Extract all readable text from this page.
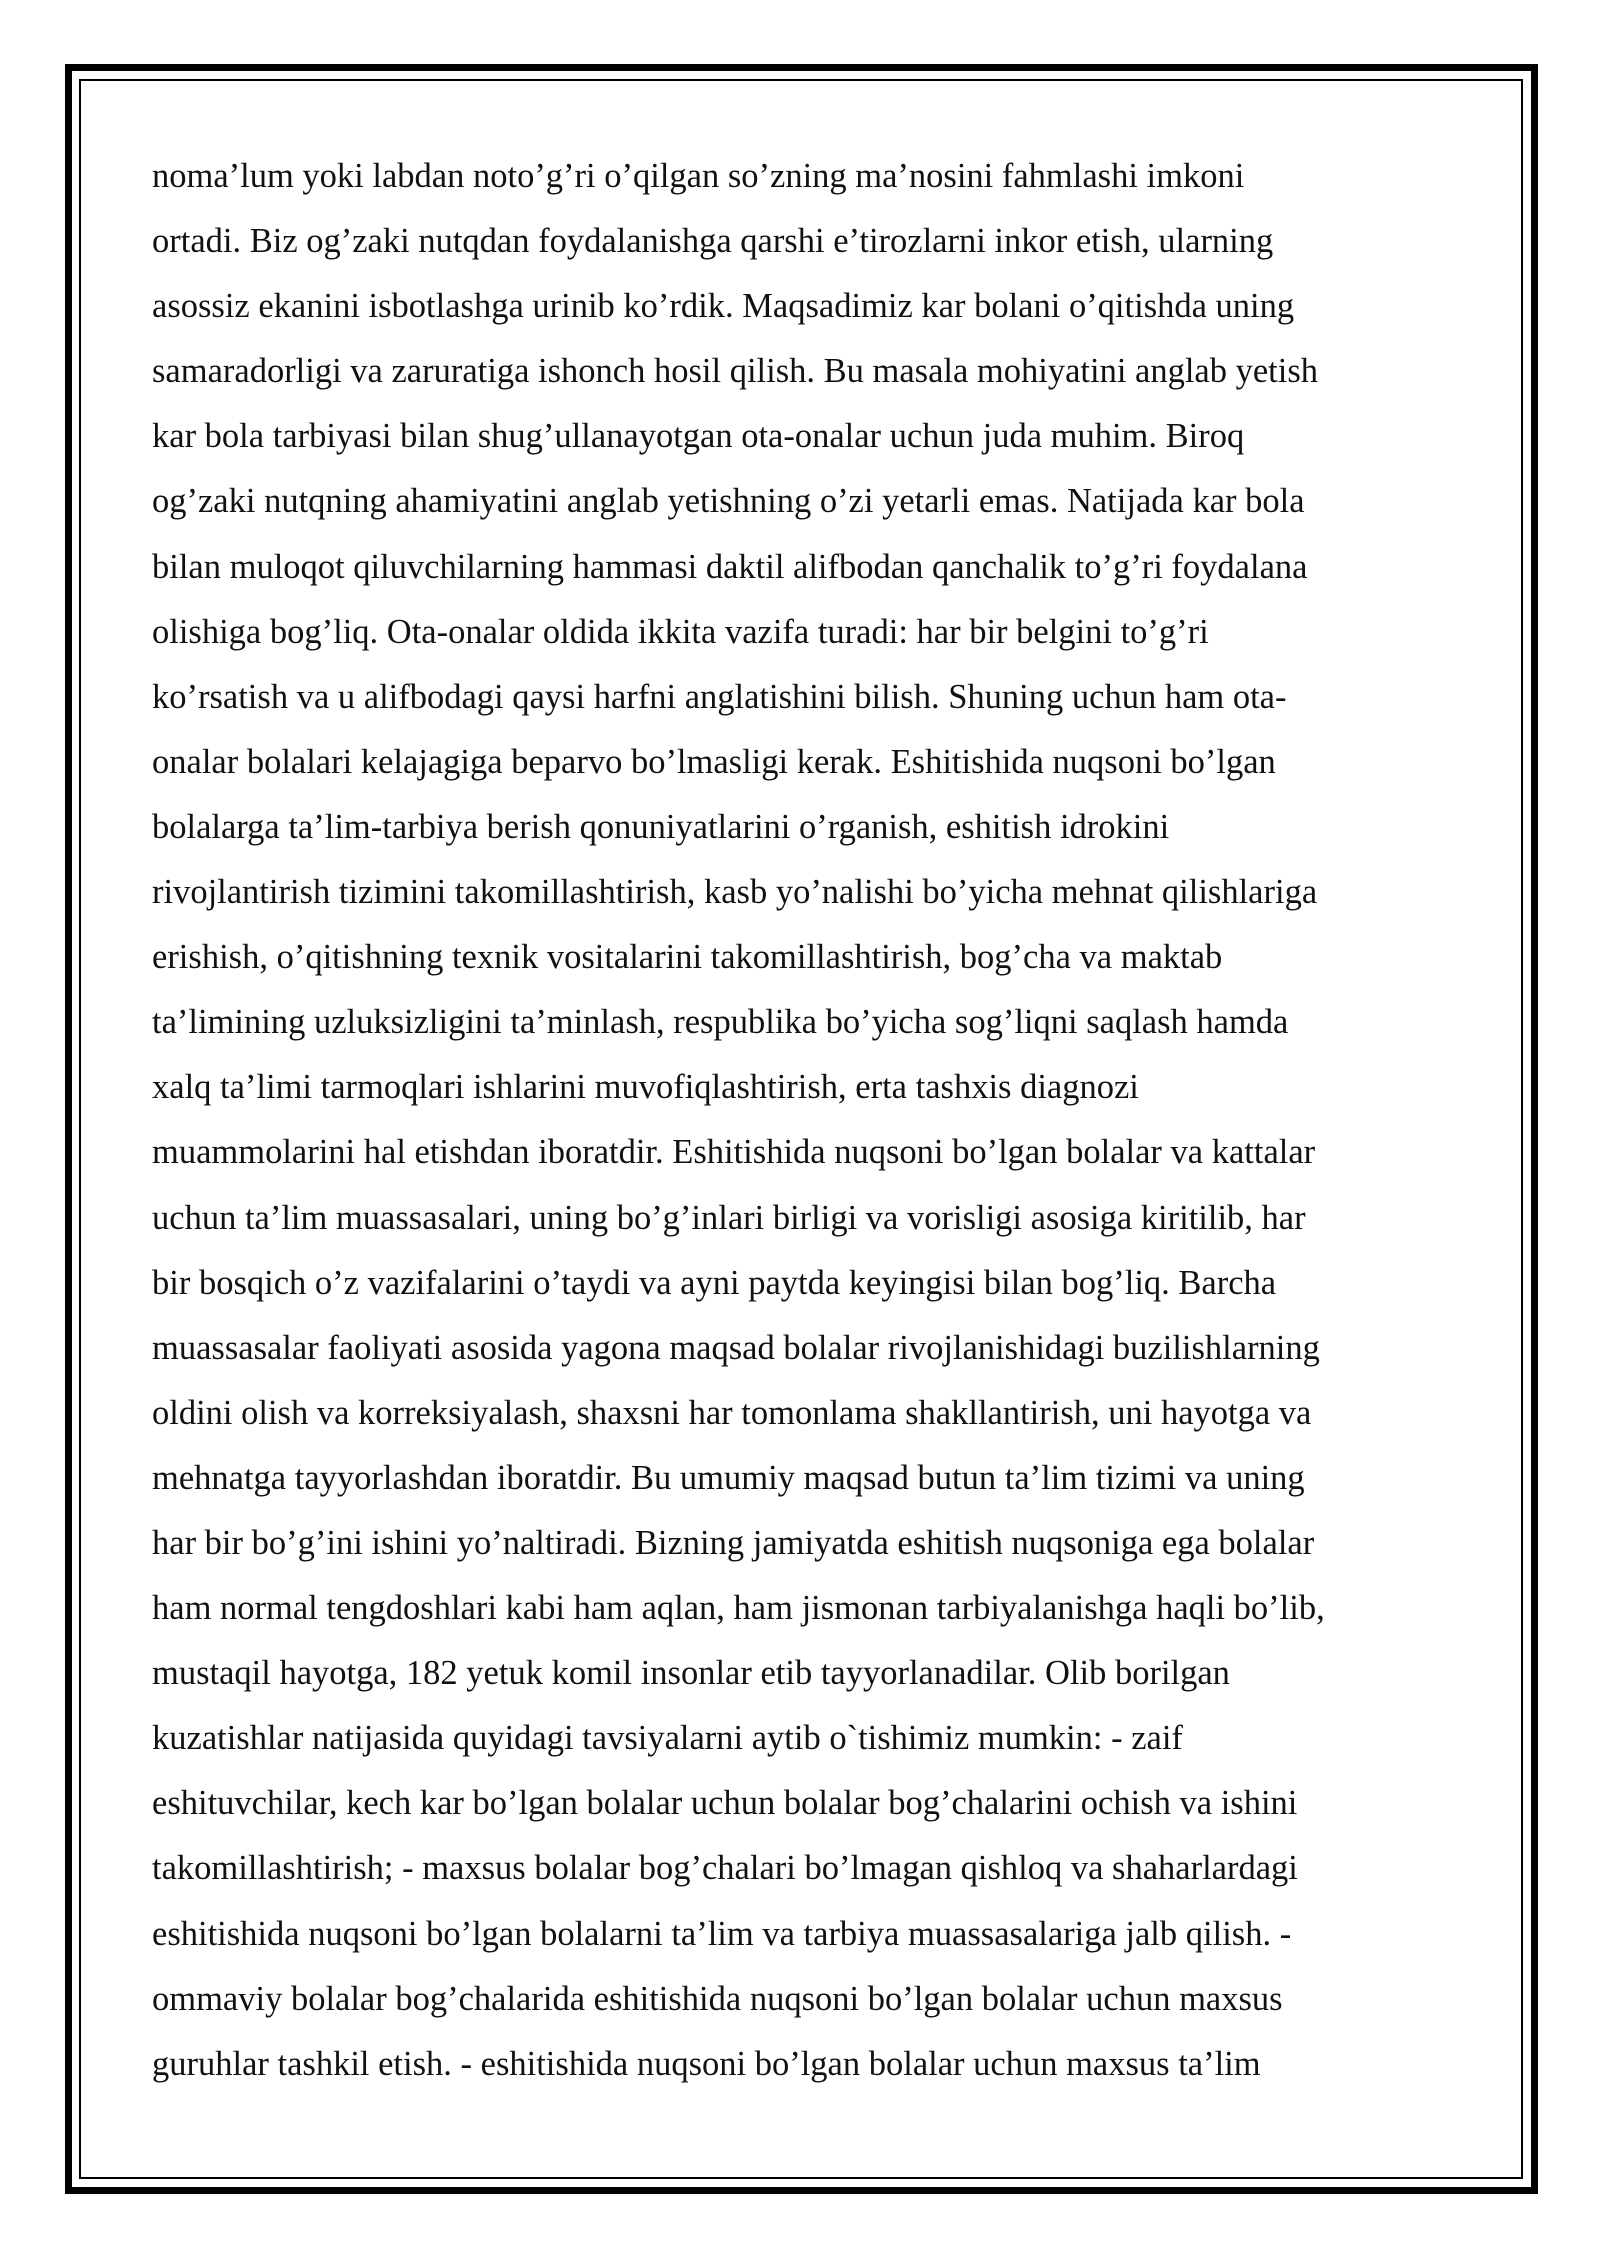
noma’lum yoki labdan noto’g’ri o’qilgan so’zning ma’nosini fahmlashi imkoni
ortadi. Biz og’zaki nutqdan foydalanishga qarshi e’tirozlarni inkor etish, ularning
asossiz ekanini isbotlashga urinib ko’rdik. Maqsadimiz kar bolani o’qitishda uning
samaradorligi va zaruratiga ishonch hosil qilish. Bu masala mohiyatini anglab yetish
kar bola tarbiyasi bilan shug’ullanayotgan ota-onalar uchun juda muhim. Biroq
og’zaki nutqning ahamiyatini anglab yetishning o’zi yetarli emas. Natijada kar bola
bilan muloqot qiluvchilarning hammasi daktil alifbodan qanchalik to’g’ri foydalana
olishiga bog’liq. Ota-onalar oldida ikkita vazifa turadi: har bir belgini to’g’ri
ko’rsatish va u alifbodagi qaysi harfni anglatishini bilish. Shuning uchun ham ota-
onalar bolalari kelajagiga beparvo bo’lmasligi kerak. Eshitishida nuqsoni bo’lgan
bolalarga ta’lim-tarbiya berish qonuniyatlarini o’rganish, eshitish idrokini
rivojlantirish tizimini takomillashtirish, kasb yo’nalishi bo’yicha mehnat qilishlariga
erishish, o’qitishning texnik vositalarini takomillashtirish, bog’cha va maktab
ta’limining uzluksizligini ta’minlash, respublika bo’yicha sog’liqni saqlash hamda
xalq ta’limi tarmoqlari ishlarini muvofiqlashtirish, erta tashxis diagnozi
muammolarini hal etishdan iboratdir. Eshitishida nuqsoni bo’lgan bolalar va kattalar
uchun ta’lim muassasalari, uning bo’g’inlari birligi va vorisligi asosiga kiritilib, har
bir bosqich o’z vazifalarini o’taydi va ayni paytda keyingisi bilan bog’liq. Barcha
muassasalar faoliyati asosida yagona maqsad bolalar rivojlanishidagi buzilishlarning
oldini olish va korreksiyalash, shaxsni har tomonlama shakllantirish, uni hayotga va
mehnatga tayyorlashdan iboratdir. Bu umumiy maqsad butun ta’lim tizimi va uning
har bir bo’g’ini ishini yo’naltiradi. Bizning jamiyatda eshitish nuqsoniga ega bolalar
ham normal tengdoshlari kabi ham aqlan, ham jismonan tarbiyalanishga haqli bo’lib,
mustaqil hayotga, 182 yetuk komil insonlar etib tayyorlanadilar. Olib borilgan
kuzatishlar natijasida quyidagi tavsiyalarni aytib o`tishimiz mumkin: - zaif
eshituvchilar, kech kar bo’lgan bolalar uchun bolalar bog’chalarini ochish va ishini
takomillashtirish; - maxsus bolalar bog’chalari bo’lmagan qishloq va shaharlardagi
eshitishida nuqsoni bo’lgan bolalarni ta’lim va tarbiya muassasalariga jalb qilish. -
ommaviy bolalar bog’chalarida eshitishida nuqsoni bo’lgan bolalar uchun maxsus
guruhlar tashkil etish. - eshitishida nuqsoni bo’lgan bolalar uchun maxsus ta’lim
